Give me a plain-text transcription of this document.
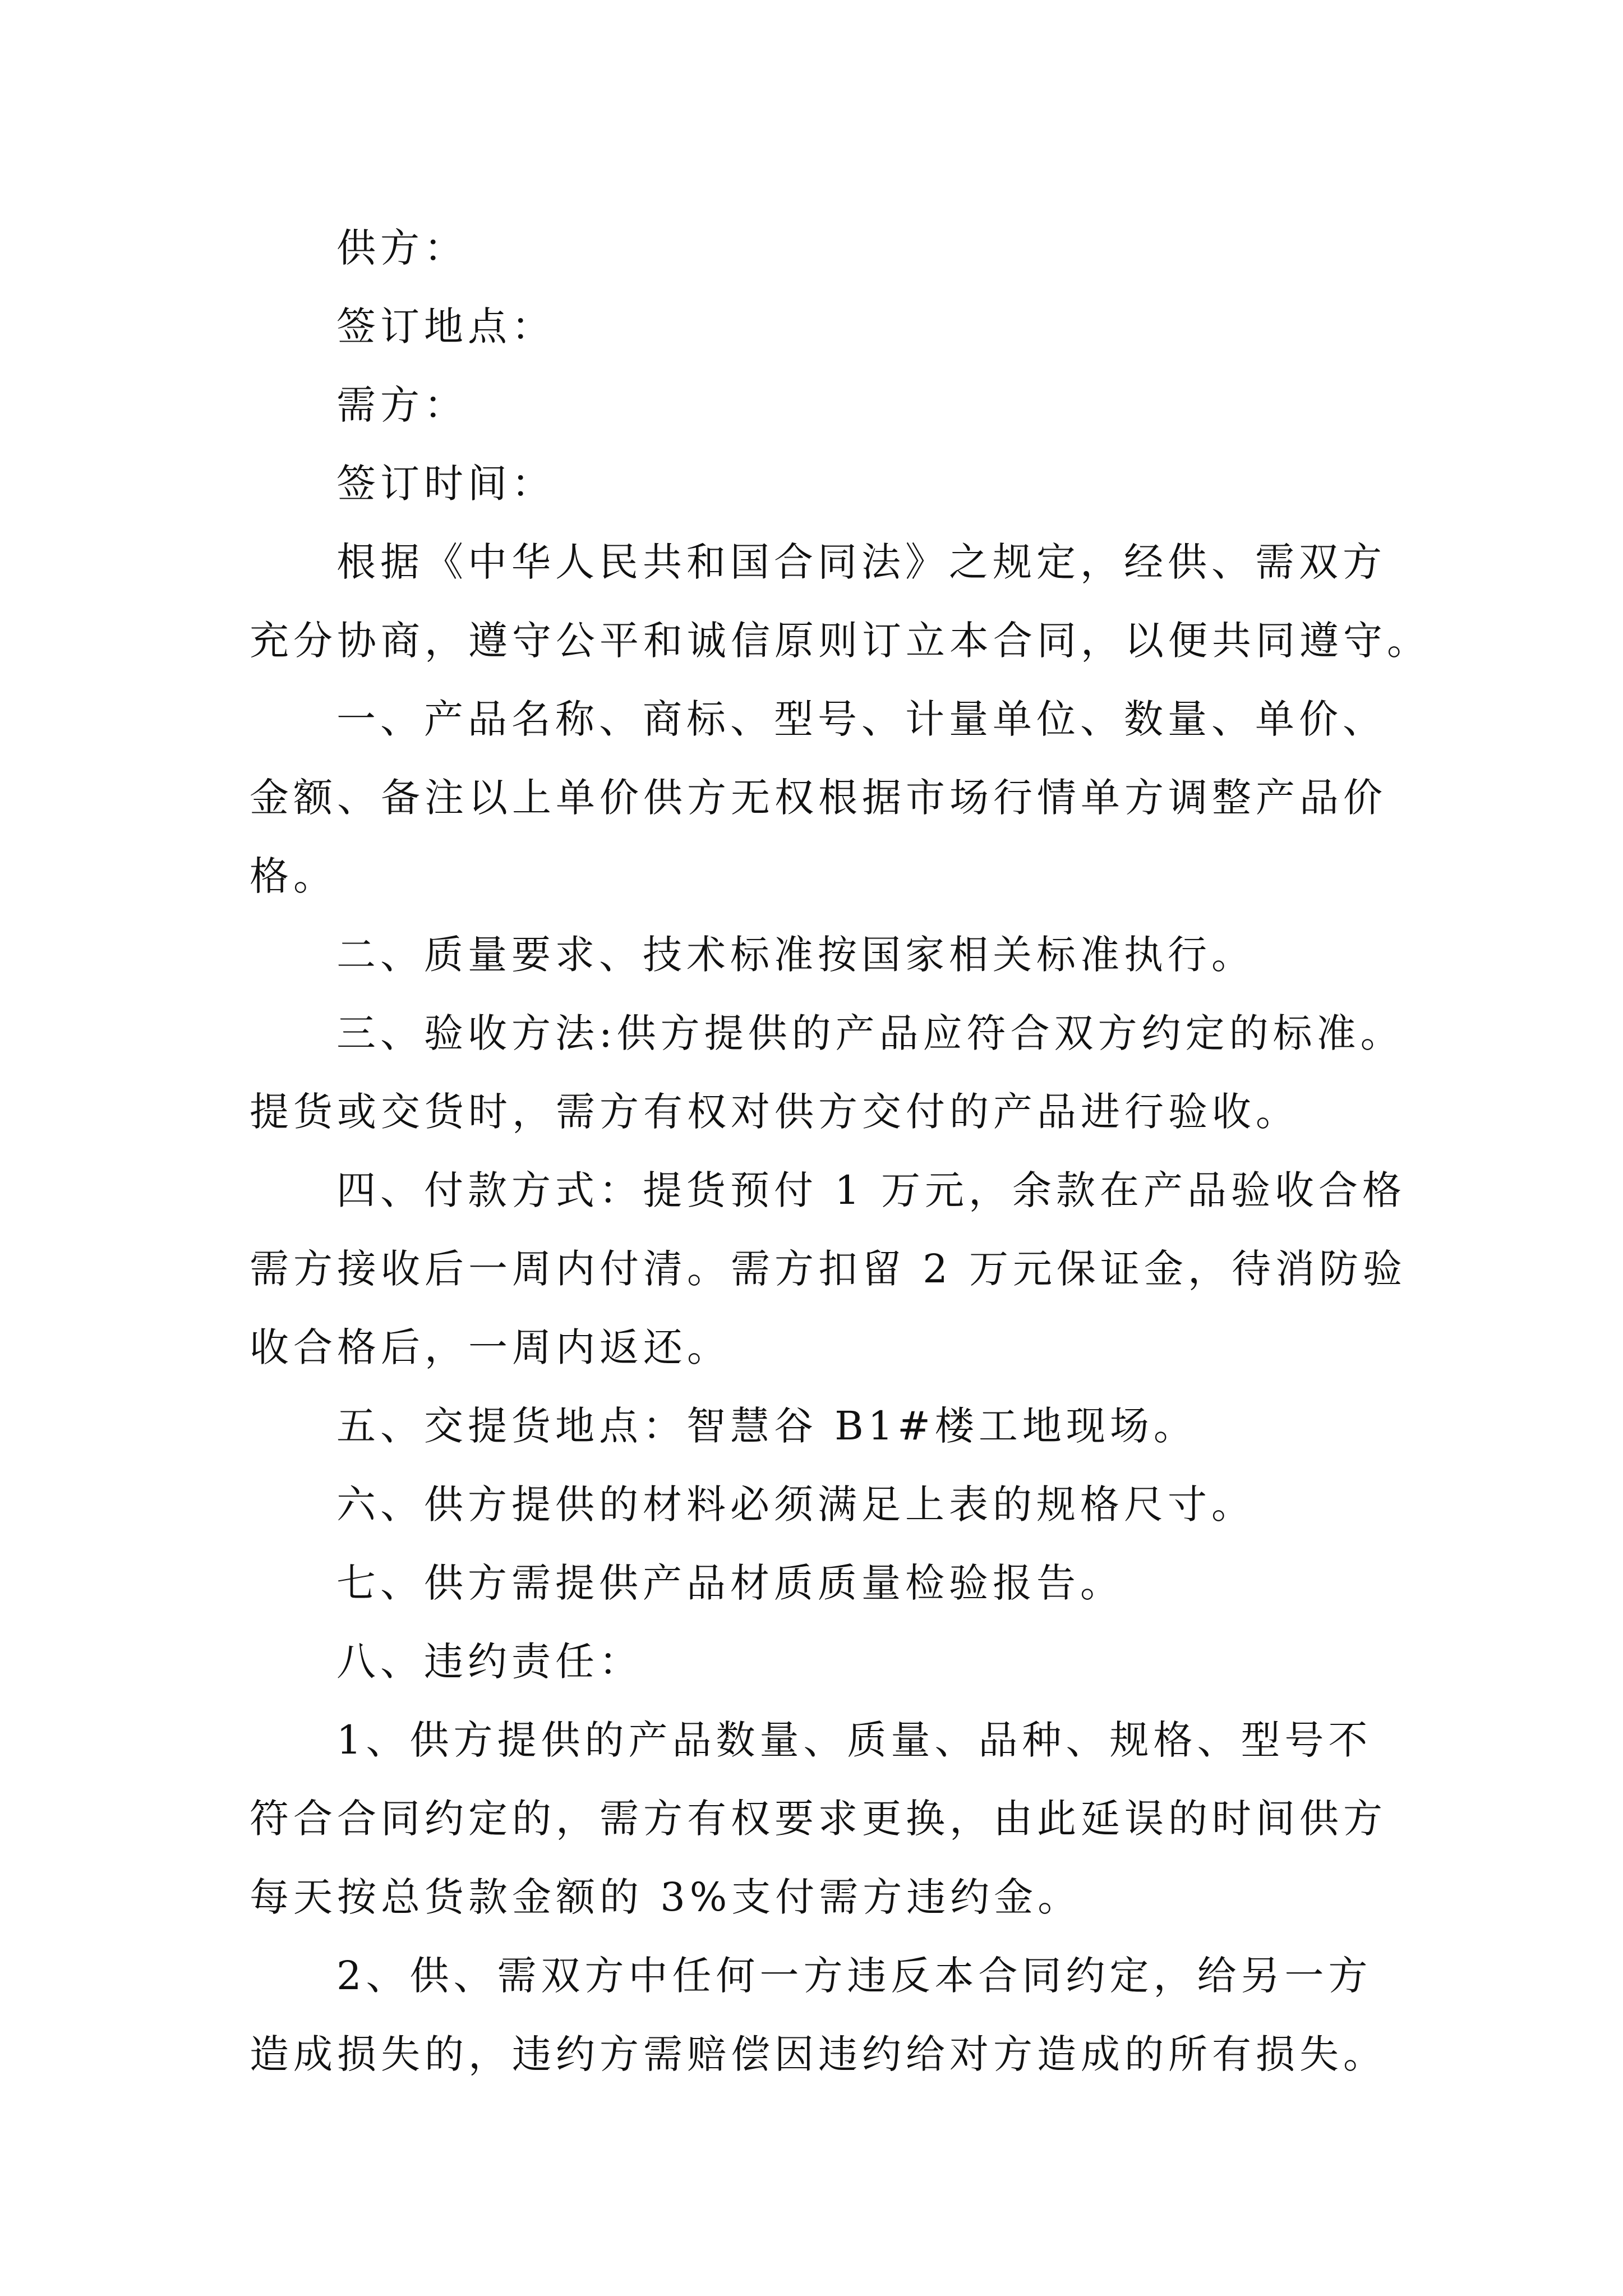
供方：
签订地点：
需方：
签订时间：
根据《中华人民共和国合同法》之规定，经供、需双方
充分协商，遵守公平和诚信原则订立本合同，以便共同遵守。
一、产品名称、商标、型号、计量单位、数量、单价、
金额、备注以上单价供方无权根据市场行情单方调整产品价
格。
二、质量要求、技术标准按国家相关标准执行。
三、验收方法:供方提供的产品应符合双方约定的标准。
提货或交货时，需方有权对供方交付的产品进行验收。
四、付款方式：提货预付 1 万元，余款在产品验收合格
需方接收后一周内付清。需方扣留 2 万元保证金，待消防验
收合格后，一周内返还。
五、交提货地点：智慧谷 B1#楼工地现场。
六、供方提供的材料必须满足上表的规格尺寸。
七、供方需提供产品材质质量检验报告。
八、违约责任：
1、供方提供的产品数量、质量、品种、规格、型号不
符合合同约定的，需方有权要求更换，由此延误的时间供方
每天按总货款金额的 3%支付需方违约金。
2、供、需双方中任何一方违反本合同约定，给另一方
造成损失的，违约方需赔偿因违约给对方造成的所有损失。
